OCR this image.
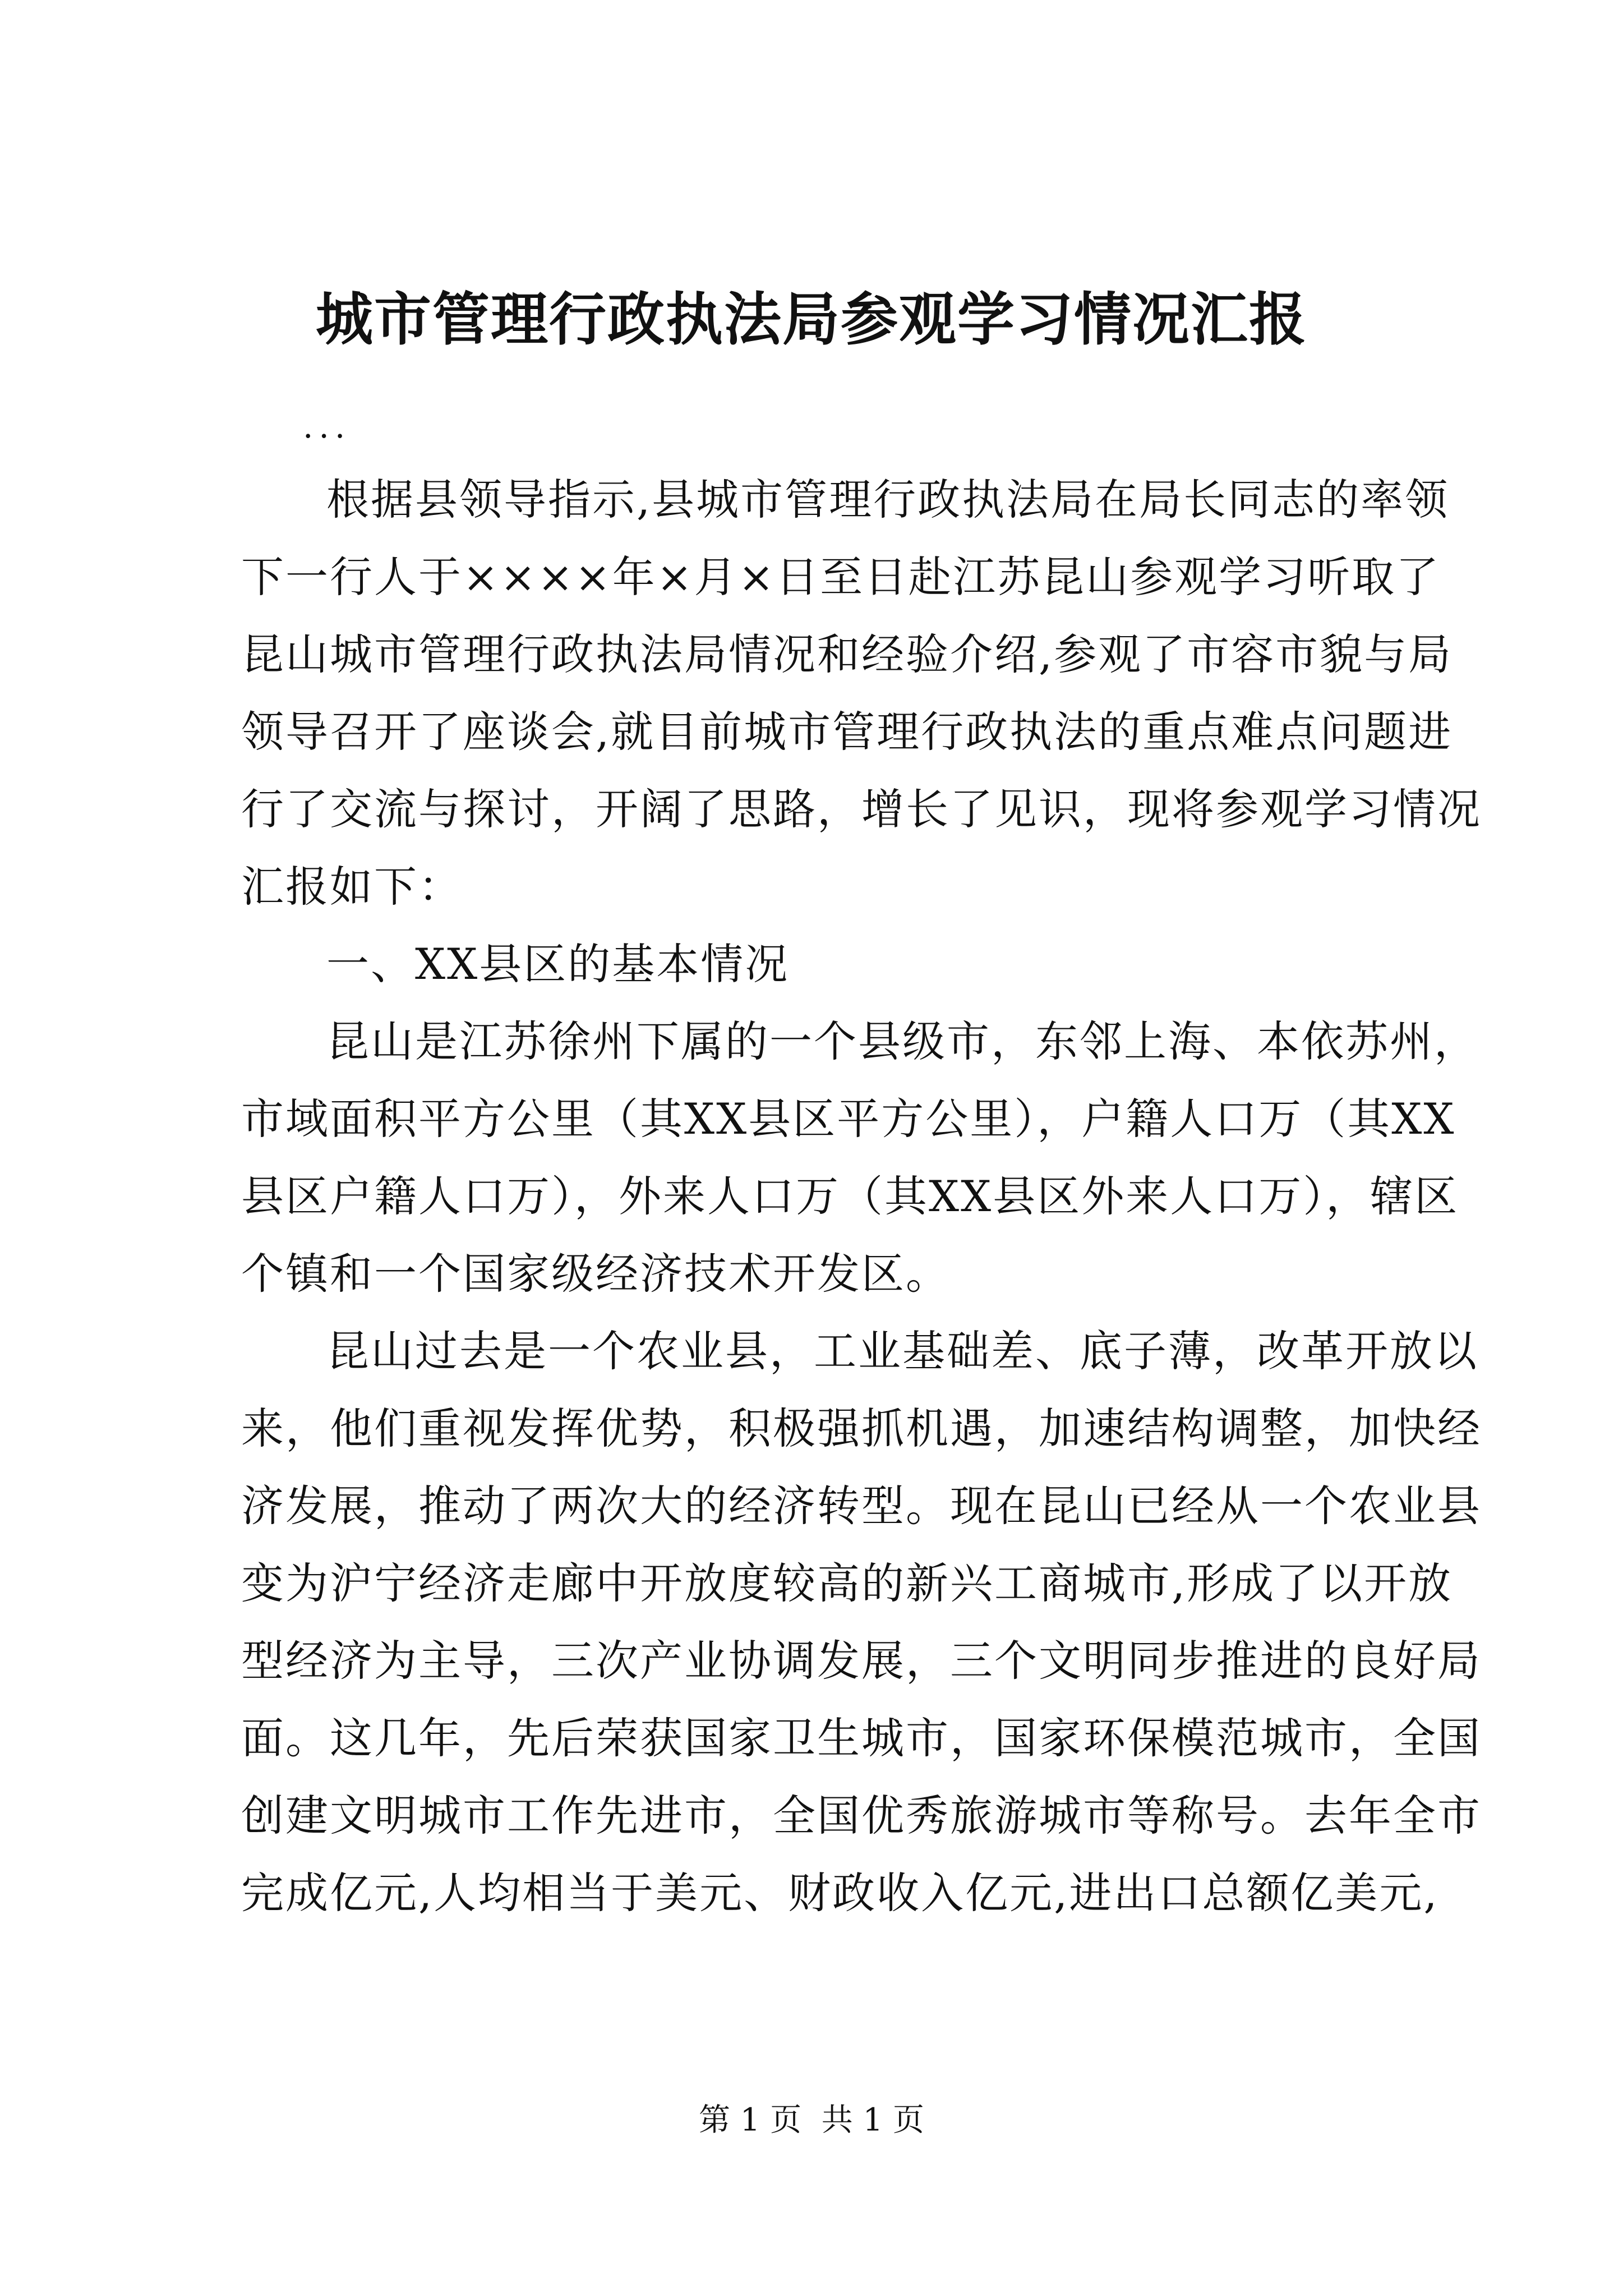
城市管理行政执法局参观学习情况汇报
...

根据县领导指示,县城市管理行政执法局在局长同志的率领
下一行人于××××年×月×日至日赴江苏昆山参观学习听取了
昆山城市管理行政执法局情况和经验介绍,参观了市容市貌与局
领导召开了座谈会,就目前城市管理行政执法的重点难点问题进
行了交流与探讨，开阔了思路，增长了见识，现将参观学习情况
汇报如下：

一、XX县区的基本情况

昆山是江苏徐州下属的一个县级市，东邻上海、本依苏州，
市域面积平方公里（其XX县区平方公里），户籍人口万（其XX
县区户籍人口万），外来人口万（其XX县区外来人口万），辖区
个镇和一个国家级经济技术开发区。

昆山过去是一个农业县，工业基础差、底子薄，改革开放以
来，他们重视发挥优势，积极强抓机遇，加速结构调整，加快经
济发展，推动了两次大的经济转型。现在昆山已经从一个农业县
变为沪宁经济走廊中开放度较高的新兴工商城市,形成了以开放
型经济为主导，三次产业协调发展，三个文明同步推进的良好局
面。这几年，先后荣获国家卫生城市，国家环保模范城市，全国
创建文明城市工作先进市，全国优秀旅游城市等称号。去年全市
完成亿元,人均相当于美元、财政收入亿元,进出口总额亿美元,

第 1 页  共 1 页
